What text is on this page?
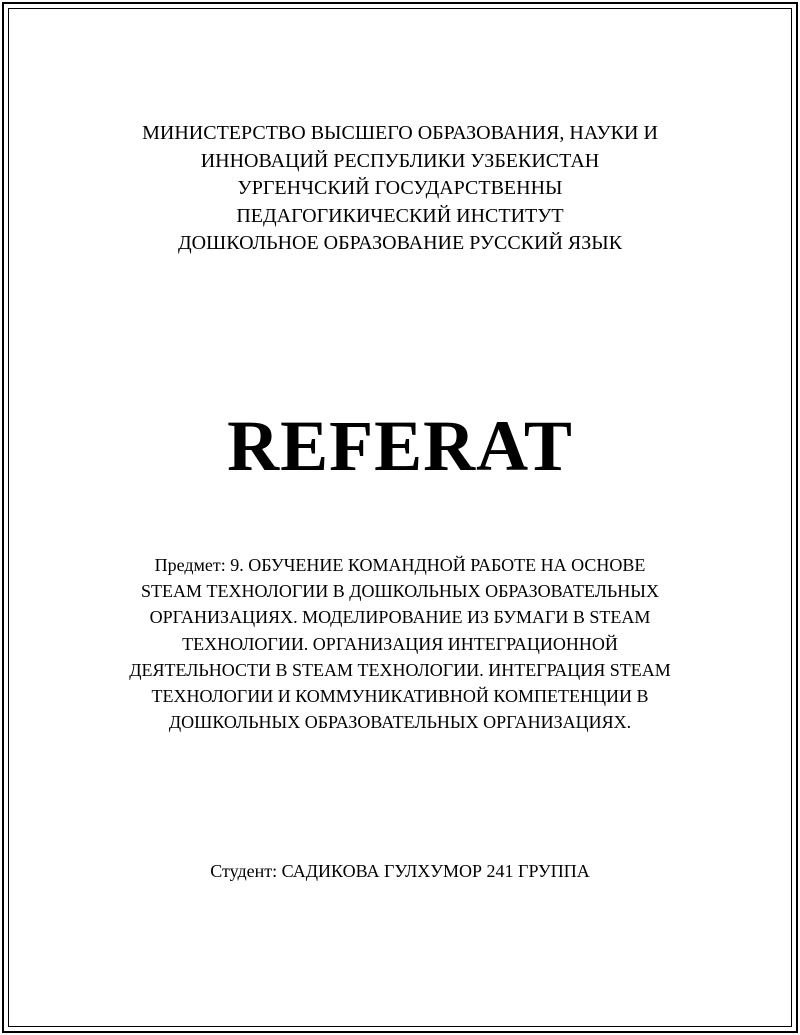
МИНИСТЕРСТВО ВЫСШЕГО ОБРАЗОВАНИЯ, НАУКИ И
ИННОВАЦИЙ РЕСПУБЛИКИ УЗБЕКИСТАН
УРГЕНЧСКИЙ ГОСУДАРСТВЕННЫ
ПЕДАГОГИКИЧЕСКИЙ ИНСТИТУТ
ДОШКОЛЬНОЕ ОБРАЗОВАНИЕ РУССКИЙ ЯЗЫК
REFERAT
Предмет: 9. ОБУЧЕНИЕ КОМАНДНОЙ РАБОТЕ НА ОСНОВЕ
STEAM ТЕХНОЛОГИИ В ДОШКОЛЬНЫХ ОБРАЗОВАТЕЛЬНЫХ
ОРГАНИЗАЦИЯХ. МОДЕЛИРОВАНИЕ ИЗ БУМАГИ В STEAM
ТЕХНОЛОГИИ. ОРГАНИЗАЦИЯ ИНТЕГРАЦИОННОЙ
ДЕЯТЕЛЬНОСТИ В STEAM ТЕХНОЛОГИИ. ИНТЕГРАЦИЯ STEAM
ТЕХНОЛОГИИ И КОММУНИКАТИВНОЙ КОМПЕТЕНЦИИ В
ДОШКОЛЬНЫХ ОБРАЗОВАТЕЛЬНЫХ ОРГАНИЗАЦИЯХ.
Студент: САДИКОВА ГУЛХУМОР 241 ГРУППА
